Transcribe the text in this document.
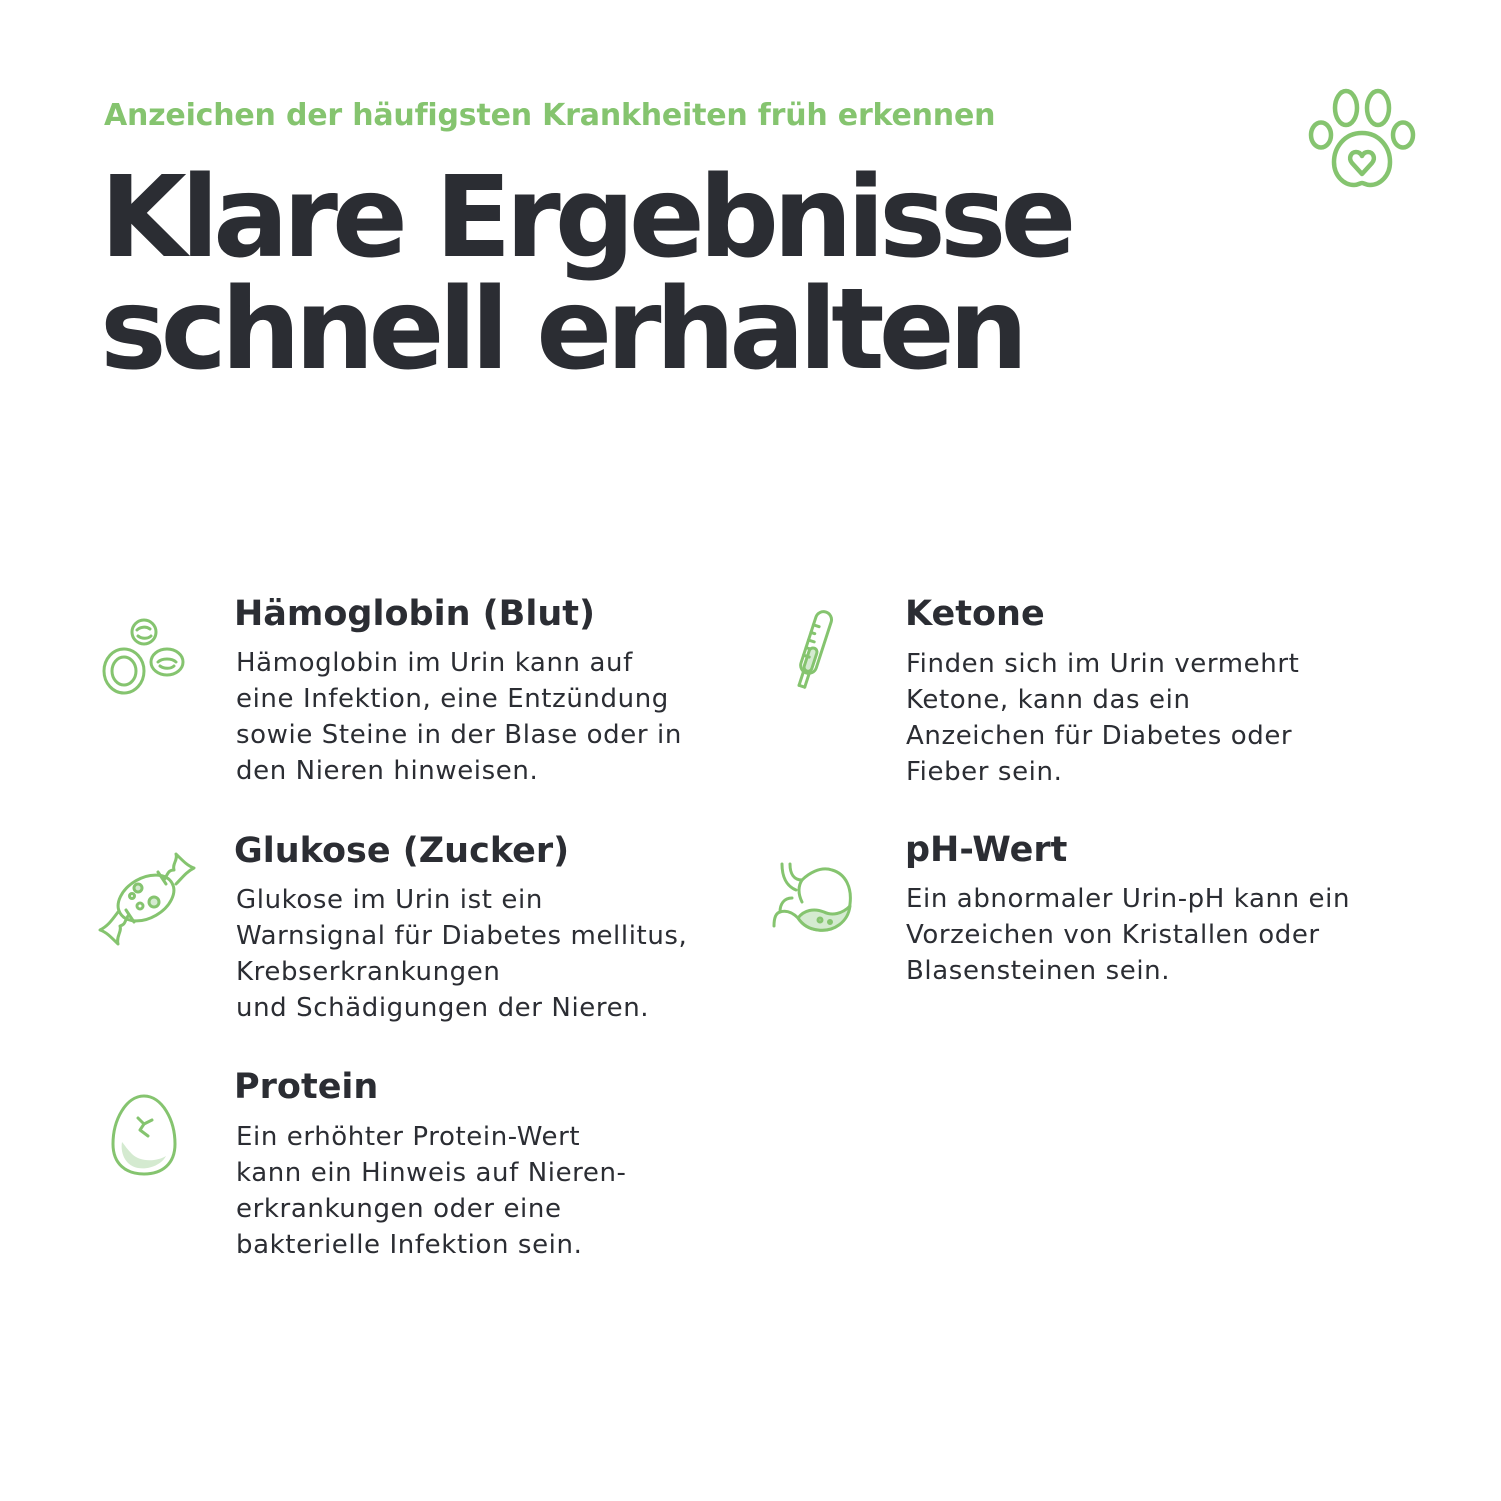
Anzeichen der häufigsten Krankheiten früh erkennen
Klare Ergebnisse
schnell erhalten
Hämoglobin (Blut)

Hämoglobin im Urin kann auf
eine Infektion, eine Entzündung
sowie Steine in der Blase oder in
den Nieren hinweisen.

Glukose (Zucker)

Glukose im Urin ist ein
Warnsignal für Diabetes mellitus,
Krebserkrankungen
und Schädigungen der Nieren.

Protein

Ein erhöhter Protein-Wert
kann ein Hinweis auf Nieren-
erkrankungen oder eine
bakterielle Infektion sein.

Ketone

Finden sich im Urin vermehrt
Ketone, kann das ein
Anzeichen für Diabetes oder
Fieber sein.

pH-Wert

Ein abnormaler Urin-pH kann ein
Vorzeichen von Kristallen oder
Blasensteinen sein.
